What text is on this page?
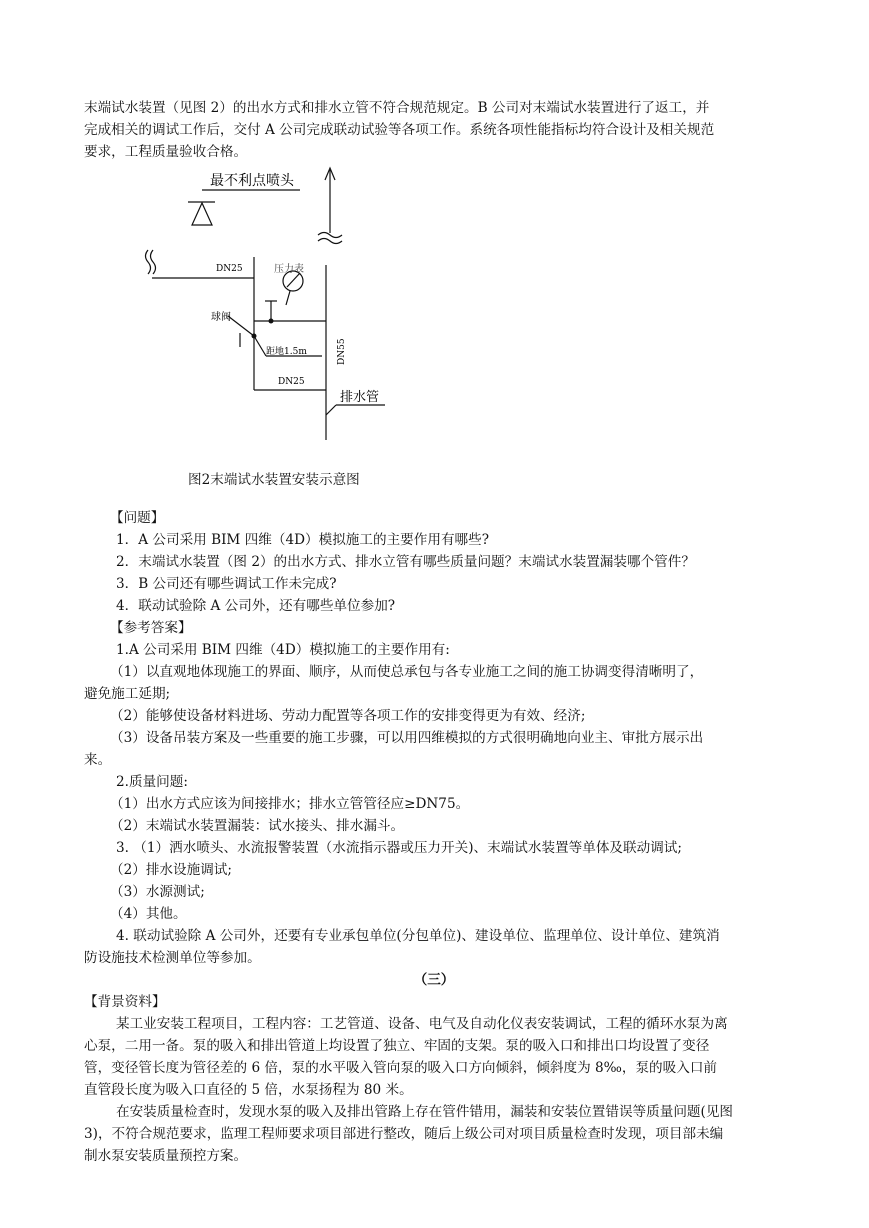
末端试水装置（见图 2）的出水方式和排水立管不符合规范规定。B 公司对末端试水装置进行了返工，并
完成相关的调试工作后，交付 A 公司完成联动试验等各项工作。系统各项性能指标均符合设计及相关规范
要求，工程质量验收合格。
最不利点喷头
DN25	压力表
球阀
距地1.5m	DN55
DN25
排水管
图2末端试水装置安装示意图
【问题】
1．A 公司采用 BIM 四维（4D）模拟施工的主要作用有哪些?
2．末端试水装置（图 2）的出水方式、排水立管有哪些质量问题？末端试水装置漏装哪个管件？
3．B 公司还有哪些调试工作未完成?
4．联动试验除 A 公司外，还有哪些单位参加?
【参考答案】
1.A 公司采用 BIM 四维（4D）模拟施工的主要作用有:
（1）以直观地体现施工的界面、顺序，从而使总承包与各专业施工之间的施工协调变得清晰明了，
避免施工延期;
（2）能够使设备材料进场、劳动力配置等各项工作的安排变得更为有效、经济;
（3）设备吊装方案及一些重要的施工步骤，可以用四维模拟的方式很明确地向业主、审批方展示出
来。
2.质量问题:
（1）出水方式应该为间接排水；排水立管管径应≥DN75。
（2）末端试水装置漏装：试水接头、排水漏斗。
3. （1）洒水喷头、水流报警装置（水流指示器或压力开关)、末端试水装置等单体及联动调试;
（2）排水设施调试;
（3）水源测试;
（4）其他。
4. 联动试验除 A 公司外，还要有专业承包单位(分包单位)、建设单位、监理单位、设计单位、建筑消
防设施技术检测单位等参加。
（三）
【背景资料】
某工业安装工程项目，工程内容：工艺管道、设备、电气及自动化仪表安装调试，工程的循环水泵为离
心泵，二用一备。泵的吸入和排出管道上均设置了独立、牢固的支架。泵的吸入口和排出口均设置了变径
管，变径管长度为管径差的 6 倍，泵的水平吸入管向泵的吸入口方向倾斜，倾斜度为 8‰，泵的吸入口前
直管段长度为吸入口直径的 5 倍，水泵扬程为 80 米。
在安装质量检查时，发现水泵的吸入及排出管路上存在管件错用，漏装和安装位置错误等质量问题(见图
3)，不符合规范要求，监理工程师要求项目部进行整改，随后上级公司对项目质量检查时发现，项目部未编
制水泵安装质量预控方案。
